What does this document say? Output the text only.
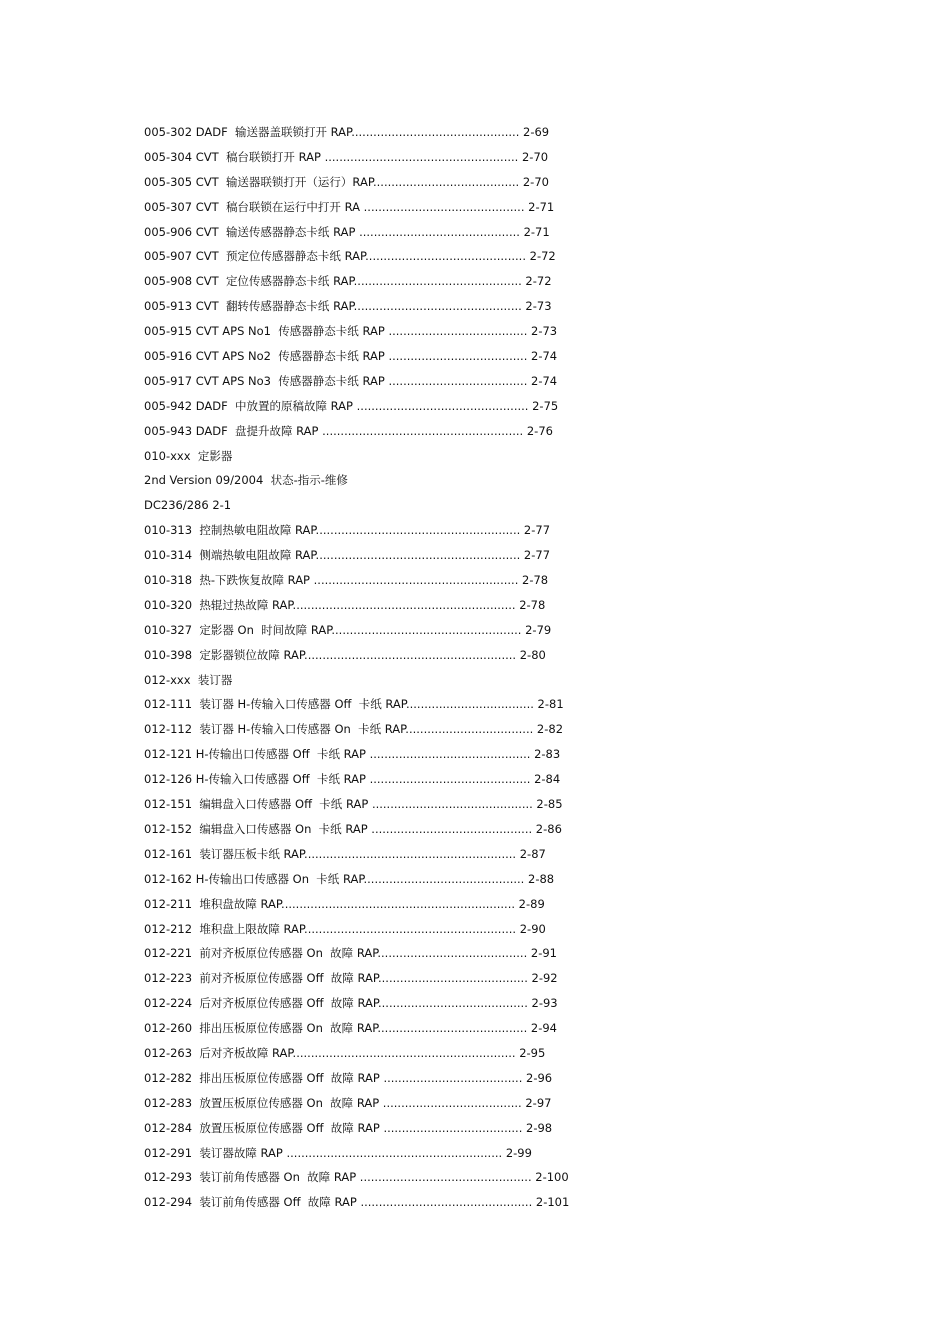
005-302 DADF  输送器盖联锁打开 RAP.............................................. 2-69
005-304 CVT  稿台联锁打开 RAP ..................................................... 2-70
005-305 CVT  输送器联锁打开（运行）RAP........................................ 2-70
005-307 CVT  稿台联锁在运行中打开 RA ............................................ 2-71
005-906 CVT  输送传感器静态卡纸 RAP ............................................ 2-71
005-907 CVT  预定位传感器静态卡纸 RAP............................................ 2-72
005-908 CVT  定位传感器静态卡纸 RAP.............................................. 2-72
005-913 CVT  翻转传感器静态卡纸 RAP.............................................. 2-73
005-915 CVT APS No1  传感器静态卡纸 RAP ...................................... 2-73
005-916 CVT APS No2  传感器静态卡纸 RAP ...................................... 2-74
005-917 CVT APS No3  传感器静态卡纸 RAP ...................................... 2-74
005-942 DADF  中放置的原稿故障 RAP ............................................... 2-75
005-943 DADF  盘提升故障 RAP ....................................................... 2-76
010-xxx  定影器
2nd Version 09/2004  状态-指示-维修
DC236/286 2-1
010-313  控制热敏电阻故障 RAP........................................................ 2-77
010-314  侧端热敏电阻故障 RAP........................................................ 2-77
010-318  热-下跌恢复故障 RAP ........................................................ 2-78
010-320  热辊过热故障 RAP............................................................. 2-78
010-327  定影器 On  时间故障 RAP.................................................... 2-79
010-398  定影器锁位故障 RAP.......................................................... 2-80
012-xxx  装订器
012-111  装订器 H-传输入口传感器 Off  卡纸 RAP................................... 2-81
012-112  装订器 H-传输入口传感器 On  卡纸 RAP................................... 2-82
012-121 H-传输出口传感器 Off  卡纸 RAP ............................................ 2-83
012-126 H-传输入口传感器 Off  卡纸 RAP ............................................ 2-84
012-151  编辑盘入口传感器 Off  卡纸 RAP ............................................ 2-85
012-152  编辑盘入口传感器 On  卡纸 RAP ............................................ 2-86
012-161  装订器压板卡纸 RAP.......................................................... 2-87
012-162 H-传输出口传感器 On  卡纸 RAP............................................ 2-88
012-211  堆积盘故障 RAP................................................................ 2-89
012-212  堆积盘上限故障 RAP.......................................................... 2-90
012-221  前对齐板原位传感器 On  故障 RAP......................................... 2-91
012-223  前对齐板原位传感器 Off  故障 RAP......................................... 2-92
012-224  后对齐板原位传感器 Off  故障 RAP......................................... 2-93
012-260  排出压板原位传感器 On  故障 RAP......................................... 2-94
012-263  后对齐板故障 RAP............................................................. 2-95
012-282  排出压板原位传感器 Off  故障 RAP ...................................... 2-96
012-283  放置压板原位传感器 On  故障 RAP ...................................... 2-97
012-284  放置压板原位传感器 Off  故障 RAP ...................................... 2-98
012-291  装订器故障 RAP ........................................................... 2-99
012-293  装订前角传感器 On  故障 RAP ............................................... 2-100
012-294  装订前角传感器 Off  故障 RAP ............................................... 2-101
